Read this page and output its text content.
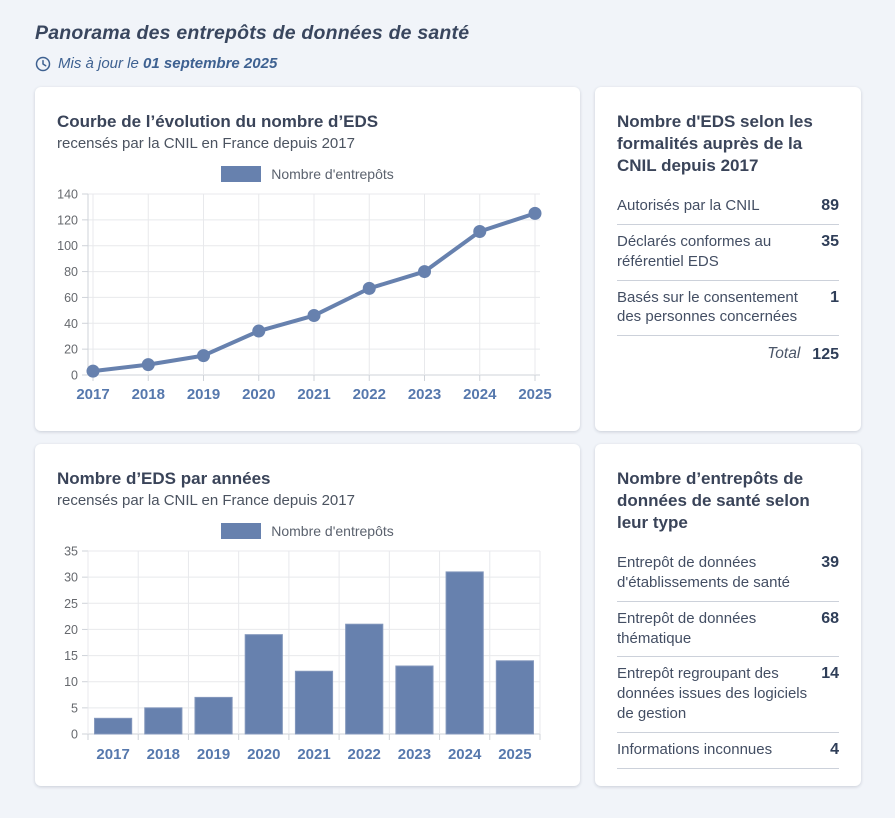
Panorama des entrepôts de données de santé
Mis à jour le 01 septembre 2025
Courbe de l’évolution du nombre d’EDS
recensés par la CNIL en France depuis 2017
Nombre d'entrepôts
0
20
40
60
80
100
120
140
2017 2018 2019 2020 2021 2022 2023 2024 2025
Nombre d'EDS selon les formalités auprès de la CNIL depuis 2017
Autorisés par la CNIL	89
Déclarés conformes au référentiel EDS
35
Basés sur le consentement des personnes concernées
1
Total 125
Nombre d’EDS par années
recensés par la CNIL en France depuis 2017
Nombre d'entrepôts
0
5
10
15
20
25
30
35
2017 2018 2019 2020 2021 2022 2023 2024 2025
Nombre d’entrepôts de données de santé selon leur type
Entrepôt de données d'établissements de santé
39
Entrepôt de données thématique
68
Entrepôt regroupant des données issues des logiciels de gestion
14
Informations inconnues	4
